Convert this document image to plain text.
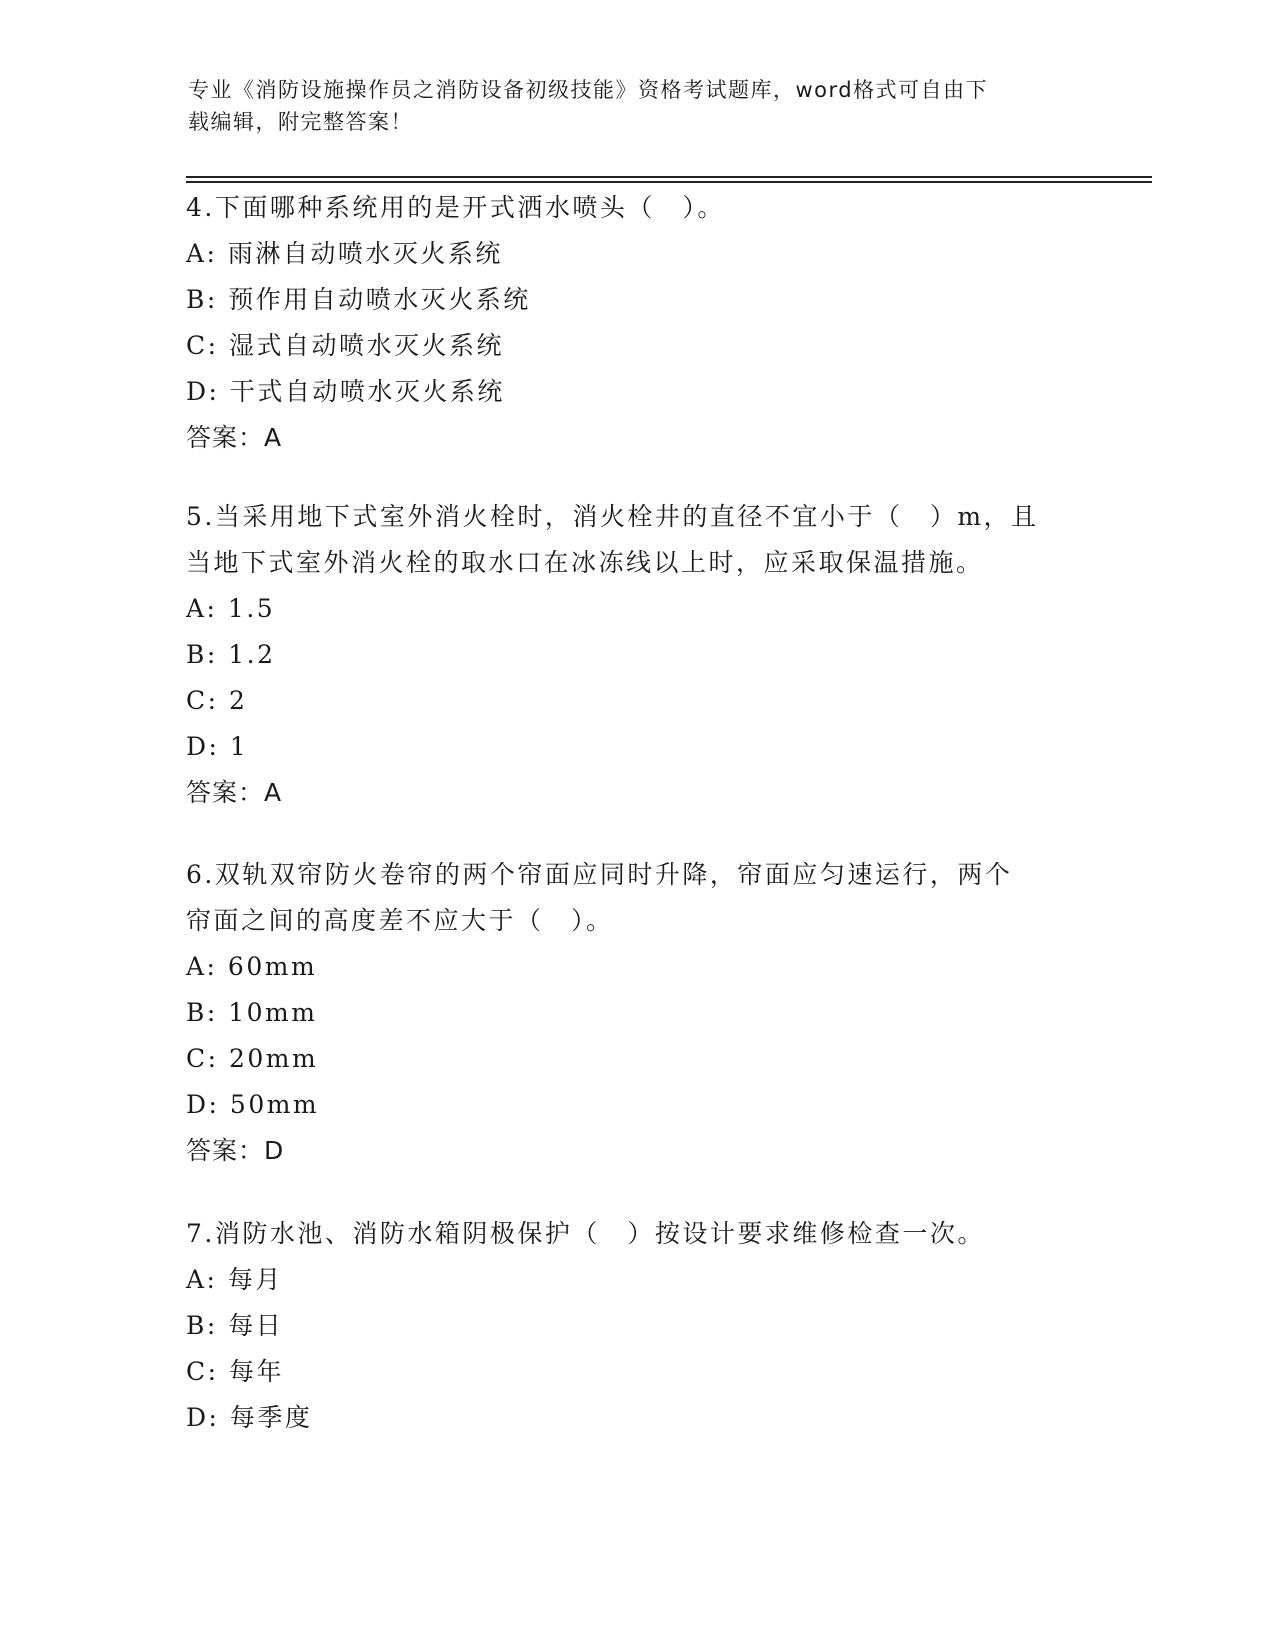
专业《消防设施操作员之消防设备初级技能》资格考试题库，word格式可自由下
载编辑，附完整答案！
4.下面哪种系统用的是开式洒水喷头（　）。
A: 雨淋自动喷水灭火系统
B: 预作用自动喷水灭火系统
C: 湿式自动喷水灭火系统
D: 干式自动喷水灭火系统
答案：A
5.当采用地下式室外消火栓时，消火栓井的直径不宜小于（　）m，且
当地下式室外消火栓的取水口在冰冻线以上时，应采取保温措施。
A: 1.5
B: 1.2
C: 2
D: 1
答案：A
6.双轨双帘防火卷帘的两个帘面应同时升降，帘面应匀速运行，两个
帘面之间的高度差不应大于（　）。
A: 60mm
B: 10mm
C: 20mm
D: 50mm
答案：D
7.消防水池、消防水箱阴极保护（　）按设计要求维修检查一次。
A: 每月
B: 每日
C: 每年
D: 每季度
